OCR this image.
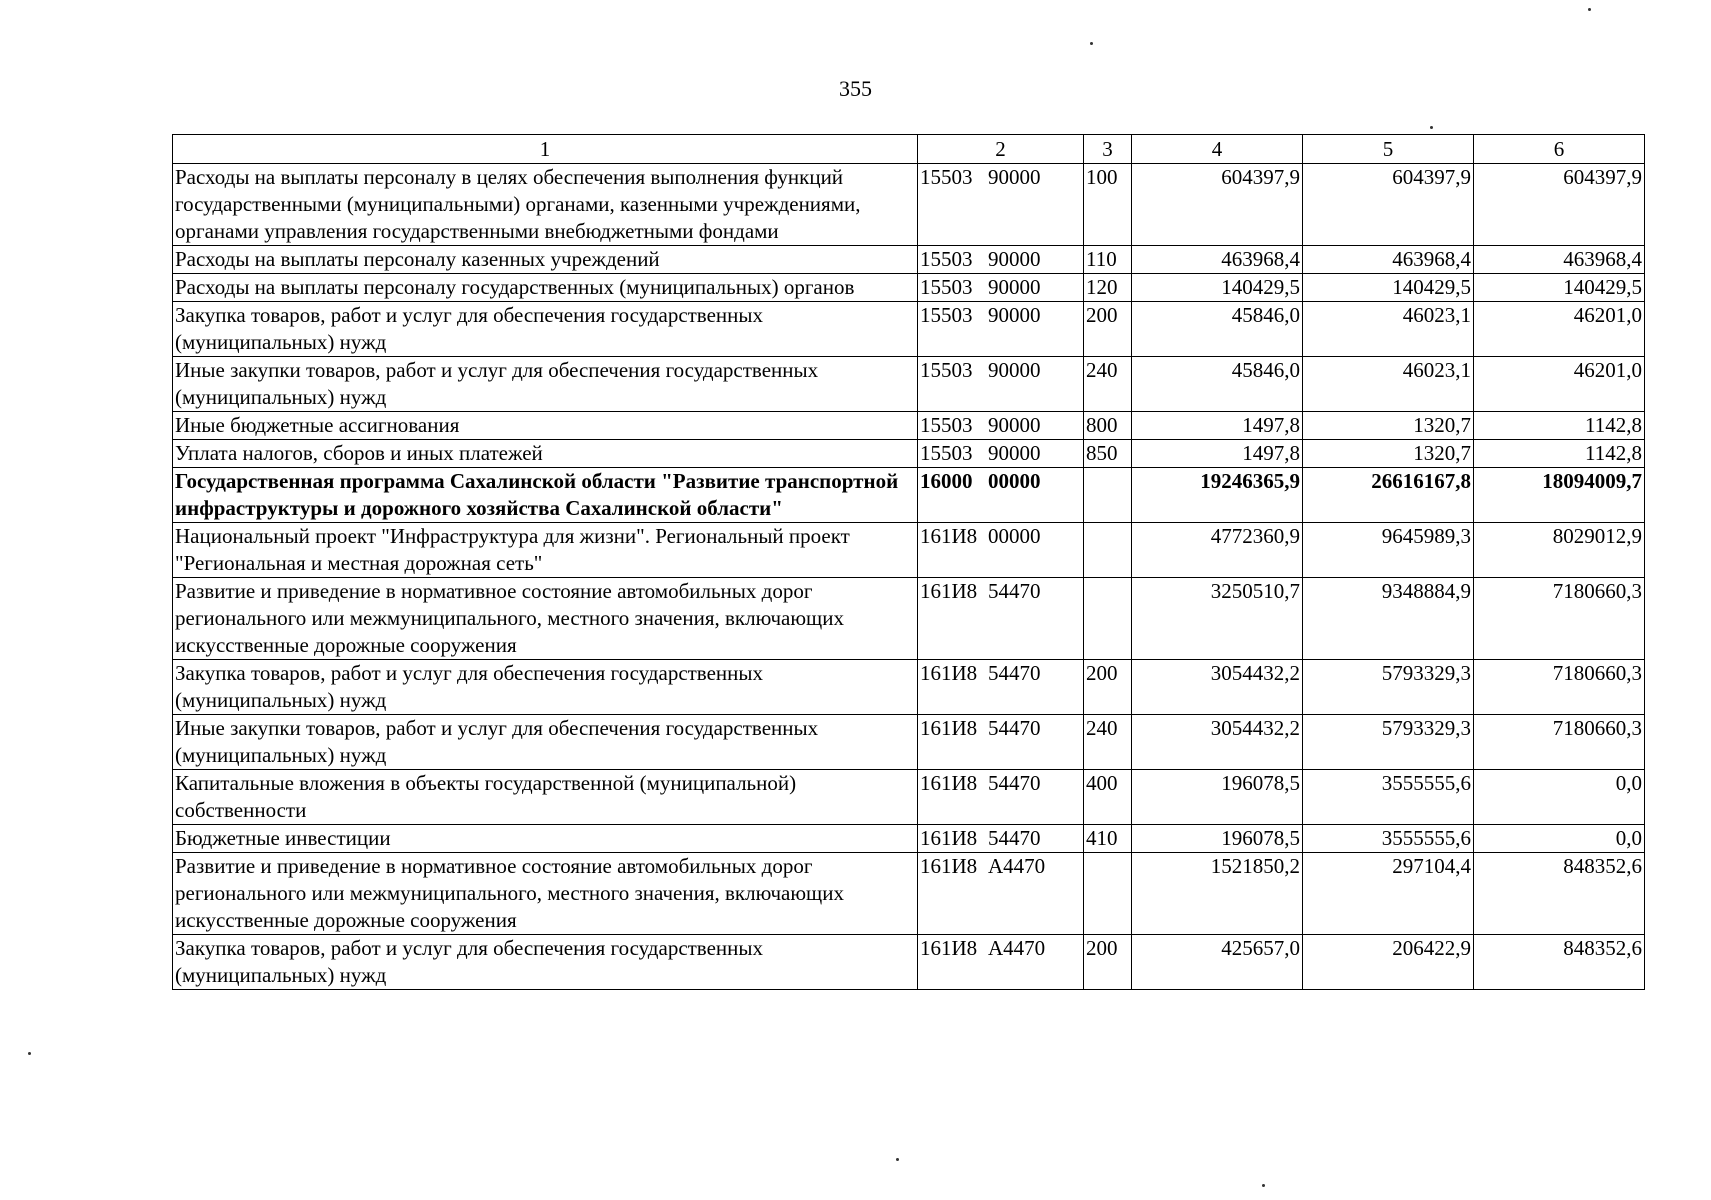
355
1	2	3	4	5	6
Расходы на выплаты персоналу в целях обеспечения выполнения функций государственными (муниципальными) органами, казенными учреждениями, органами управления государственными внебюджетными фондами	15503 90000	100	604397,9	604397,9	604397,9
Расходы на выплаты персоналу казенных учреждений	15503 90000	110	463968,4	463968,4	463968,4
Расходы на выплаты персоналу государственных (муниципальных) органов	15503 90000	120	140429,5	140429,5	140429,5
Закупка товаров, работ и услуг для обеспечения государственных (муниципальных) нужд	15503 90000	200	45846,0	46023,1	46201,0
Иные закупки товаров, работ и услуг для обеспечения государственных (муниципальных) нужд	15503 90000	240	45846,0	46023,1	46201,0
Иные бюджетные ассигнования	15503 90000	800	1497,8	1320,7	1142,8
Уплата налогов, сборов и иных платежей	15503 90000	850	1497,8	1320,7	1142,8
Государственная программа Сахалинской области "Развитие транспортной инфраструктуры и дорожного хозяйства Сахалинской области"	16000 00000		19246365,9	26616167,8	18094009,7
Национальный проект "Инфраструктура для жизни". Региональный проект "Региональная и местная дорожная сеть"	161И8 00000		4772360,9	9645989,3	8029012,9
Развитие и приведение в нормативное состояние автомобильных дорог регионального или межмуниципального, местного значения, включающих искусственные дорожные сооружения	161И8 54470		3250510,7	9348884,9	7180660,3
Закупка товаров, работ и услуг для обеспечения государственных (муниципальных) нужд	161И8 54470	200	3054432,2	5793329,3	7180660,3
Иные закупки товаров, работ и услуг для обеспечения государственных (муниципальных) нужд	161И8 54470	240	3054432,2	5793329,3	7180660,3
Капитальные вложения в объекты государственной (муниципальной) собственности	161И8 54470	400	196078,5	3555555,6	0,0
Бюджетные инвестиции	161И8 54470	410	196078,5	3555555,6	0,0
Развитие и приведение в нормативное состояние автомобильных дорог регионального или межмуниципального, местного значения, включающих искусственные дорожные сооружения	161И8 А4470		1521850,2	297104,4	848352,6
Закупка товаров, работ и услуг для обеспечения государственных (муниципальных) нужд	161И8 А4470	200	425657,0	206422,9	848352,6
